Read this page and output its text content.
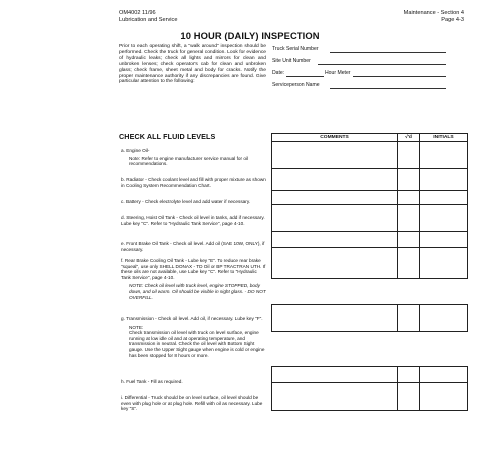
OM4002 11/96
Lubrication and Service
Maintenance - Section 4
Page 4-3
10 HOUR (DAILY) INSPECTION
Prior to each operating shift, a "walk around" inspection should be performed. Check the truck for general condition. Look for evidence of hydraulic leaks; check all lights and mirrors for clean and unbroken lenses; check operator's cab for clean and unbroken glass; check frame, sheet metal and body for cracks. Notify the proper maintenance authority if any discrepancies are found. Give particular attention to the following:
Truck Serial Number
Site Unit Number
Date:	Hour Meter
Serviceperson Name
CHECK ALL FLUID LEVELS
a. Engine Oil-
Note: Refer to engine manufacturer service manual for oil recommendations.
b. Radiator - Check coolant level and fill with proper mixture as shown in Cooling System Recommendation Chart.
c. Battery - Check electrolyte level and add water if necessary.
d. Steering, Hoist Oil Tank - Check oil level in tanks, add if necessary. Lube key "C". Refer to "Hydraulic Tank Service", page 4-10.
e. Front Brake Oil Tank - Check oil level. Add oil (SAE 10W, ONLY), if necessary.
f. Rear Brake Cooling Oil Tank - Lube key "E". To reduce rear brake "squeal", use only SHELL DONAX - TD Oil or BP TRACTRAN UTH. If these oils are not available, use Lube key "C". Refer to "Hydraulic Tank Service", page 4-10.
NOTE: Check oil level with truck level, engine STOPPED, body down, and oil warm. Oil should be visible in sight glass. - DO NOT OVERFILL.
g. Transmission - Check oil level. Add oil, if necessary. Lube key "F".
NOTE:
Check transmission oil level with truck on level surface, engine running at low idle oil and at operating temperature, and transmission in neutral. Check the oil level with Bottom Sight gauge. Use the Upper Sight gauge when engine is cold or engine has been stopped for 8 hours or more.
h. Fuel Tank - Fill as required.
i. Differential - Truck should be on level surface, oil level should be even with plug hole or at plug hole. Refill with oil as necessary. Lube key "S".
COMMENTS	√'d	INITIALS
